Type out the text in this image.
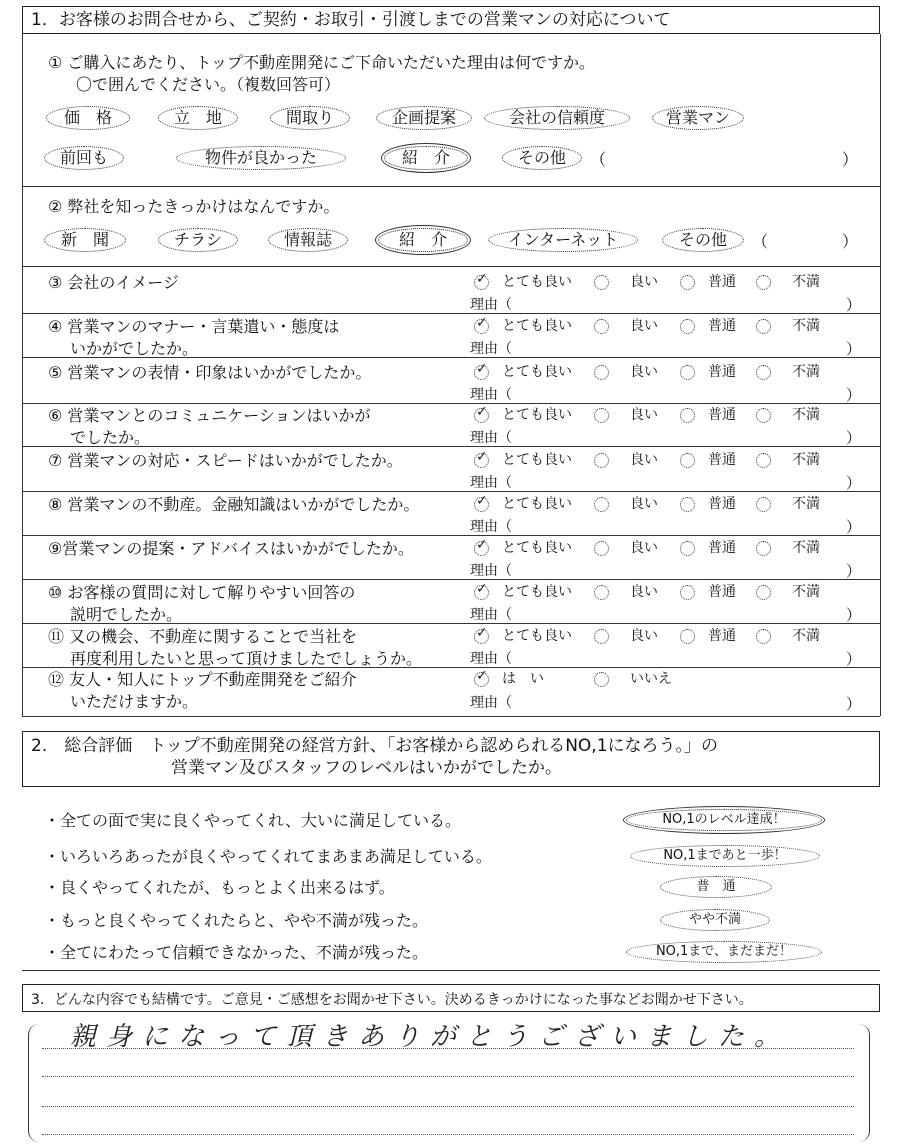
1．お客様のお問合せから、ご契約・お取引・引渡しまでの営業マンの対応について
① ご購入にあたり、トップ不動産開発にご下命いただいた理由は何ですか。
〇で囲んでください。（複数回答可）
価　格	立　地	間取り	企画提案	会社の信頼度	営業マン
前回も	物件が良かった	紹　介	その他	（	）
② 弊社を知ったきっかけはなんですか。
新　聞	チラシ	情報誌	紹　介	インターネット	その他	（	）
③ 会社のイメージ	✓ とても良い	良い	普通	不満
理由（	）
④ 営業マンのマナー・言葉遣い・態度は
いかがでしたか。
✓ とても良い	良い	普通	不満
理由（	）
⑤ 営業マンの表情・印象はいかがでしたか。	✓ とても良い	良い	普通	不満
理由（	）
⑥ 営業マンとのコミュニケーションはいかが
でしたか。
✓ とても良い	良い	普通	不満
理由（	）
⑦ 営業マンの対応・スピードはいかがでしたか。	✓ とても良い	良い	普通	不満
理由（	）
⑧ 営業マンの不動産。金融知識はいかがでしたか。	✓ とても良い	良い	普通	不満
理由（	）
⑨営業マンの提案・アドバイスはいかがでしたか。	✓ とても良い	良い	普通	不満
理由（	）
⑩ お客様の質問に対して解りやすい回答の
説明でしたか。
✓ とても良い	良い	普通	不満
理由（	）
⑪ 又の機会、不動産に関することで当社を
再度利用したいと思って頂けましたでしょうか。
✓ とても良い	良い	普通	不満
理由（	）
⑫ 友人・知人にトップ不動産開発をご紹介
いただけますか。
✓ は　い	いいえ
理由（	）
2.　総合評価　トップ不動産開発の経営方針、「お客様から認められるNO,1になろう。」の
営業マン及びスタッフのレベルはいかがでしたか。
・全ての面で実に良くやってくれ、大いに満足している。	NO,1のレベル達成！
・いろいろあったが良くやってくれてまあまあ満足している。	NO,1まであと一歩！
・良くやってくれたが、もっとよく出来るはず。	普　通
・もっと良くやってくれたらと、やや不満が残った。	やや不満
・全てにわたって信頼できなかった、不満が残った。	NO,1まで、まだまだ！
3．どんな内容でも結構です。ご意見・ご感想をお聞かせ下さい。決めるきっかけになった事などお聞かせ下さい。
親身になって頂きありがとうございました。
